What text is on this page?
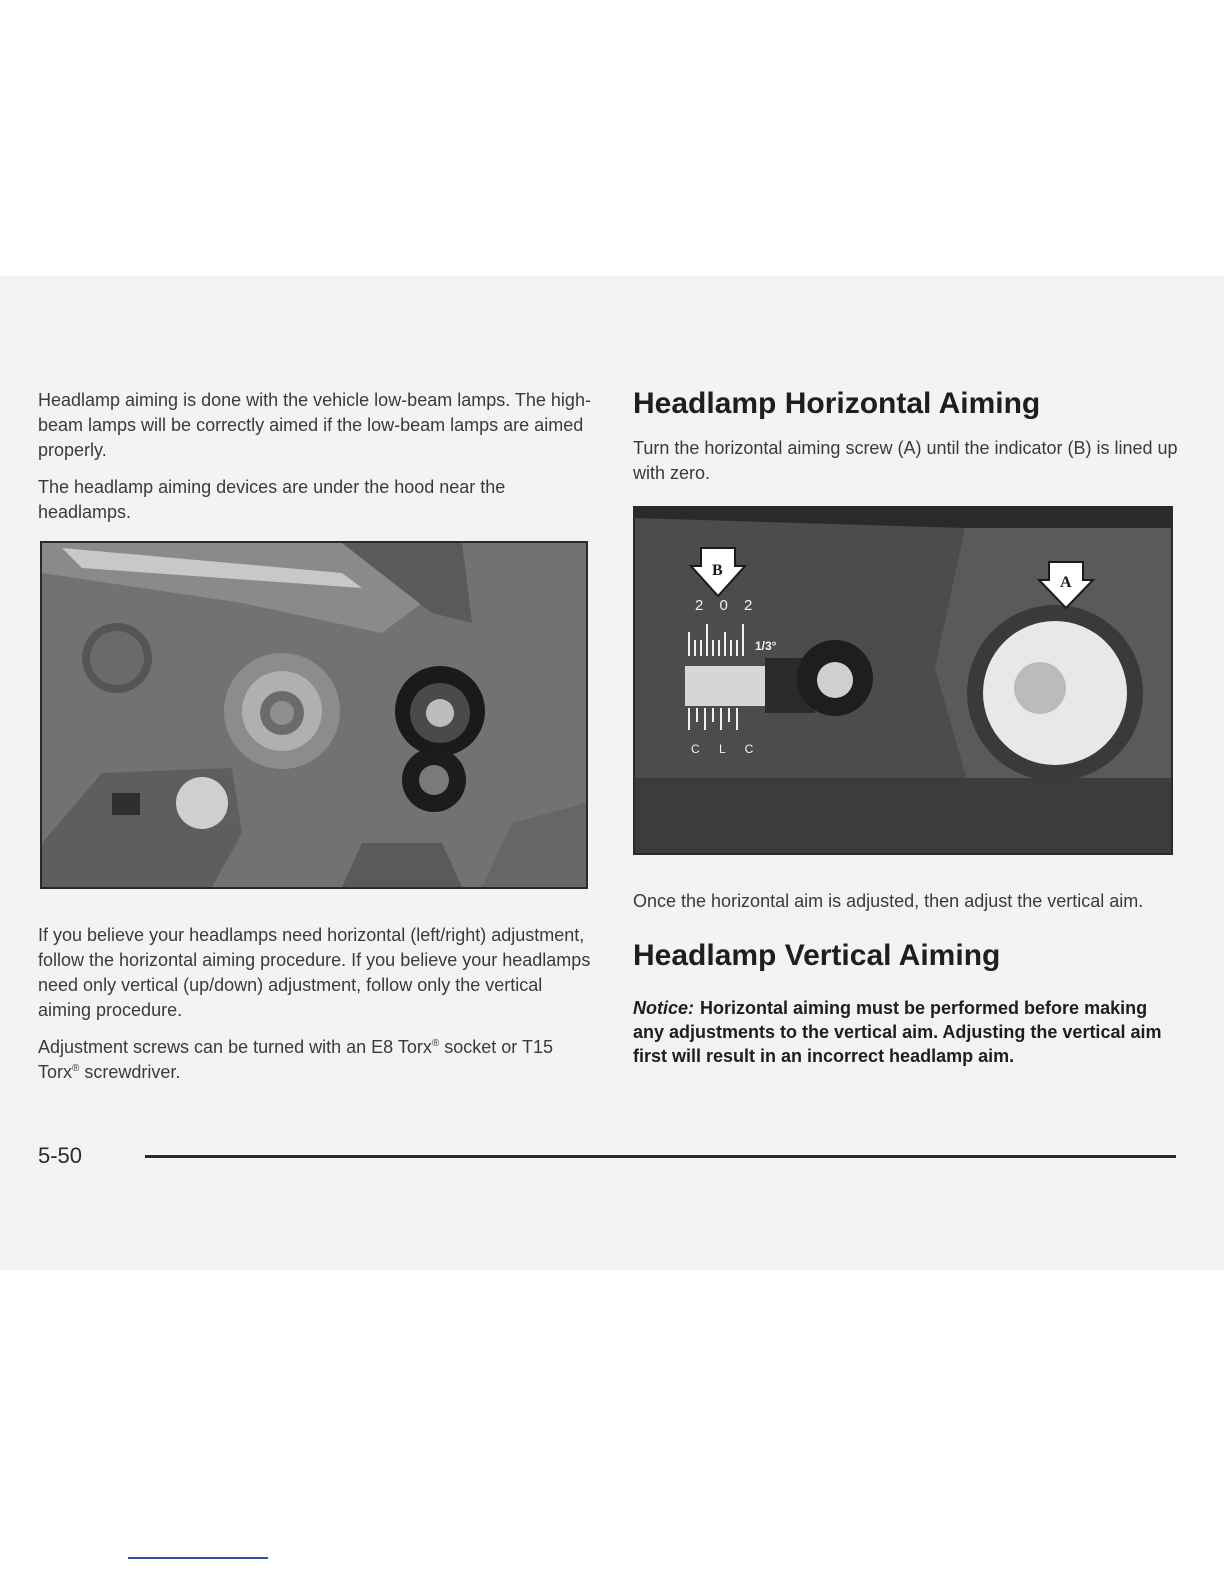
Headlamp aiming is done with the vehicle low-beam lamps. The high-beam lamps will be correctly aimed if the low-beam lamps are aimed properly.

The headlamp aiming devices are under the hood near the headlamps.

If you believe your headlamps need horizontal (left/right) adjustment, follow the horizontal aiming procedure. If you believe your headlamps need only vertical (up/down) adjustment, follow only the vertical aiming procedure.

Adjustment screws can be turned with an E8 Torx® socket or T15 Torx® screwdriver.

Headlamp Horizontal Aiming

Turn the horizontal aiming screw (A) until the indicator (B) is lined up with zero.

2 0 2
1/3°
C L C
B
A

Once the horizontal aim is adjusted, then adjust the vertical aim.

Headlamp Vertical Aiming
Notice: Horizontal aiming must be performed before making any adjustments to the vertical aim. Adjusting the vertical aim first will result in an incorrect headlamp aim.
5-50
